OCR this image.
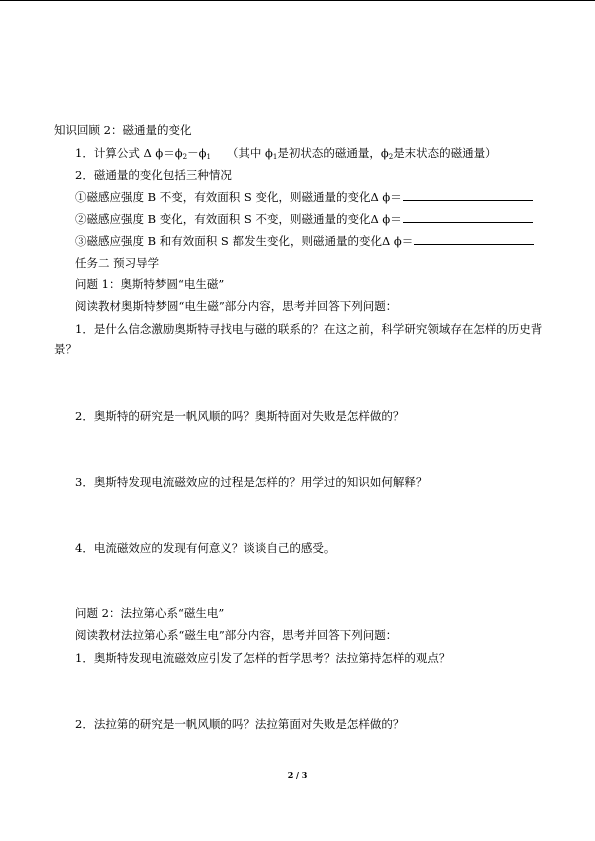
知识回顾 2：磁通量的变化
1．计算公式 Δ $\phi=\phi_2-\phi_1$ （其中 $\phi_1$是初状态的磁通量，$\phi_2$是末状态的磁通量）
2．磁通量的变化包括三种情况
①磁感应强度 B 不变，有效面积 S 变化，则磁通量的变化Δ ϕ＝
②磁感应强度 B 变化，有效面积 S 不变，则磁通量的变化Δ ϕ＝
③磁感应强度 B 和有效面积 S 都发生变化，则磁通量的变化Δ ϕ＝
任务二 预习导学
问题 1：奥斯特梦圆“电生磁”
阅读教材奥斯特梦圆“电生磁”部分内容，思考并回答下列问题：
1．是什么信念激励奥斯特寻找电与磁的联系的？在这之前，科学研究领域存在怎样的历史背景？
2．奥斯特的研究是一帆风顺的吗？奥斯特面对失败是怎样做的？
3．奥斯特发现电流磁效应的过程是怎样的？用学过的知识如何解释？
4．电流磁效应的发现有何意义？谈谈自己的感受。
问题 2：法拉第心系“磁生电”
阅读教材法拉第心系“磁生电”部分内容，思考并回答下列问题：
1．奥斯特发现电流磁效应引发了怎样的哲学思考？法拉第持怎样的观点？
2．法拉第的研究是一帆风顺的吗？法拉第面对失败是怎样做的？
2 / 3
